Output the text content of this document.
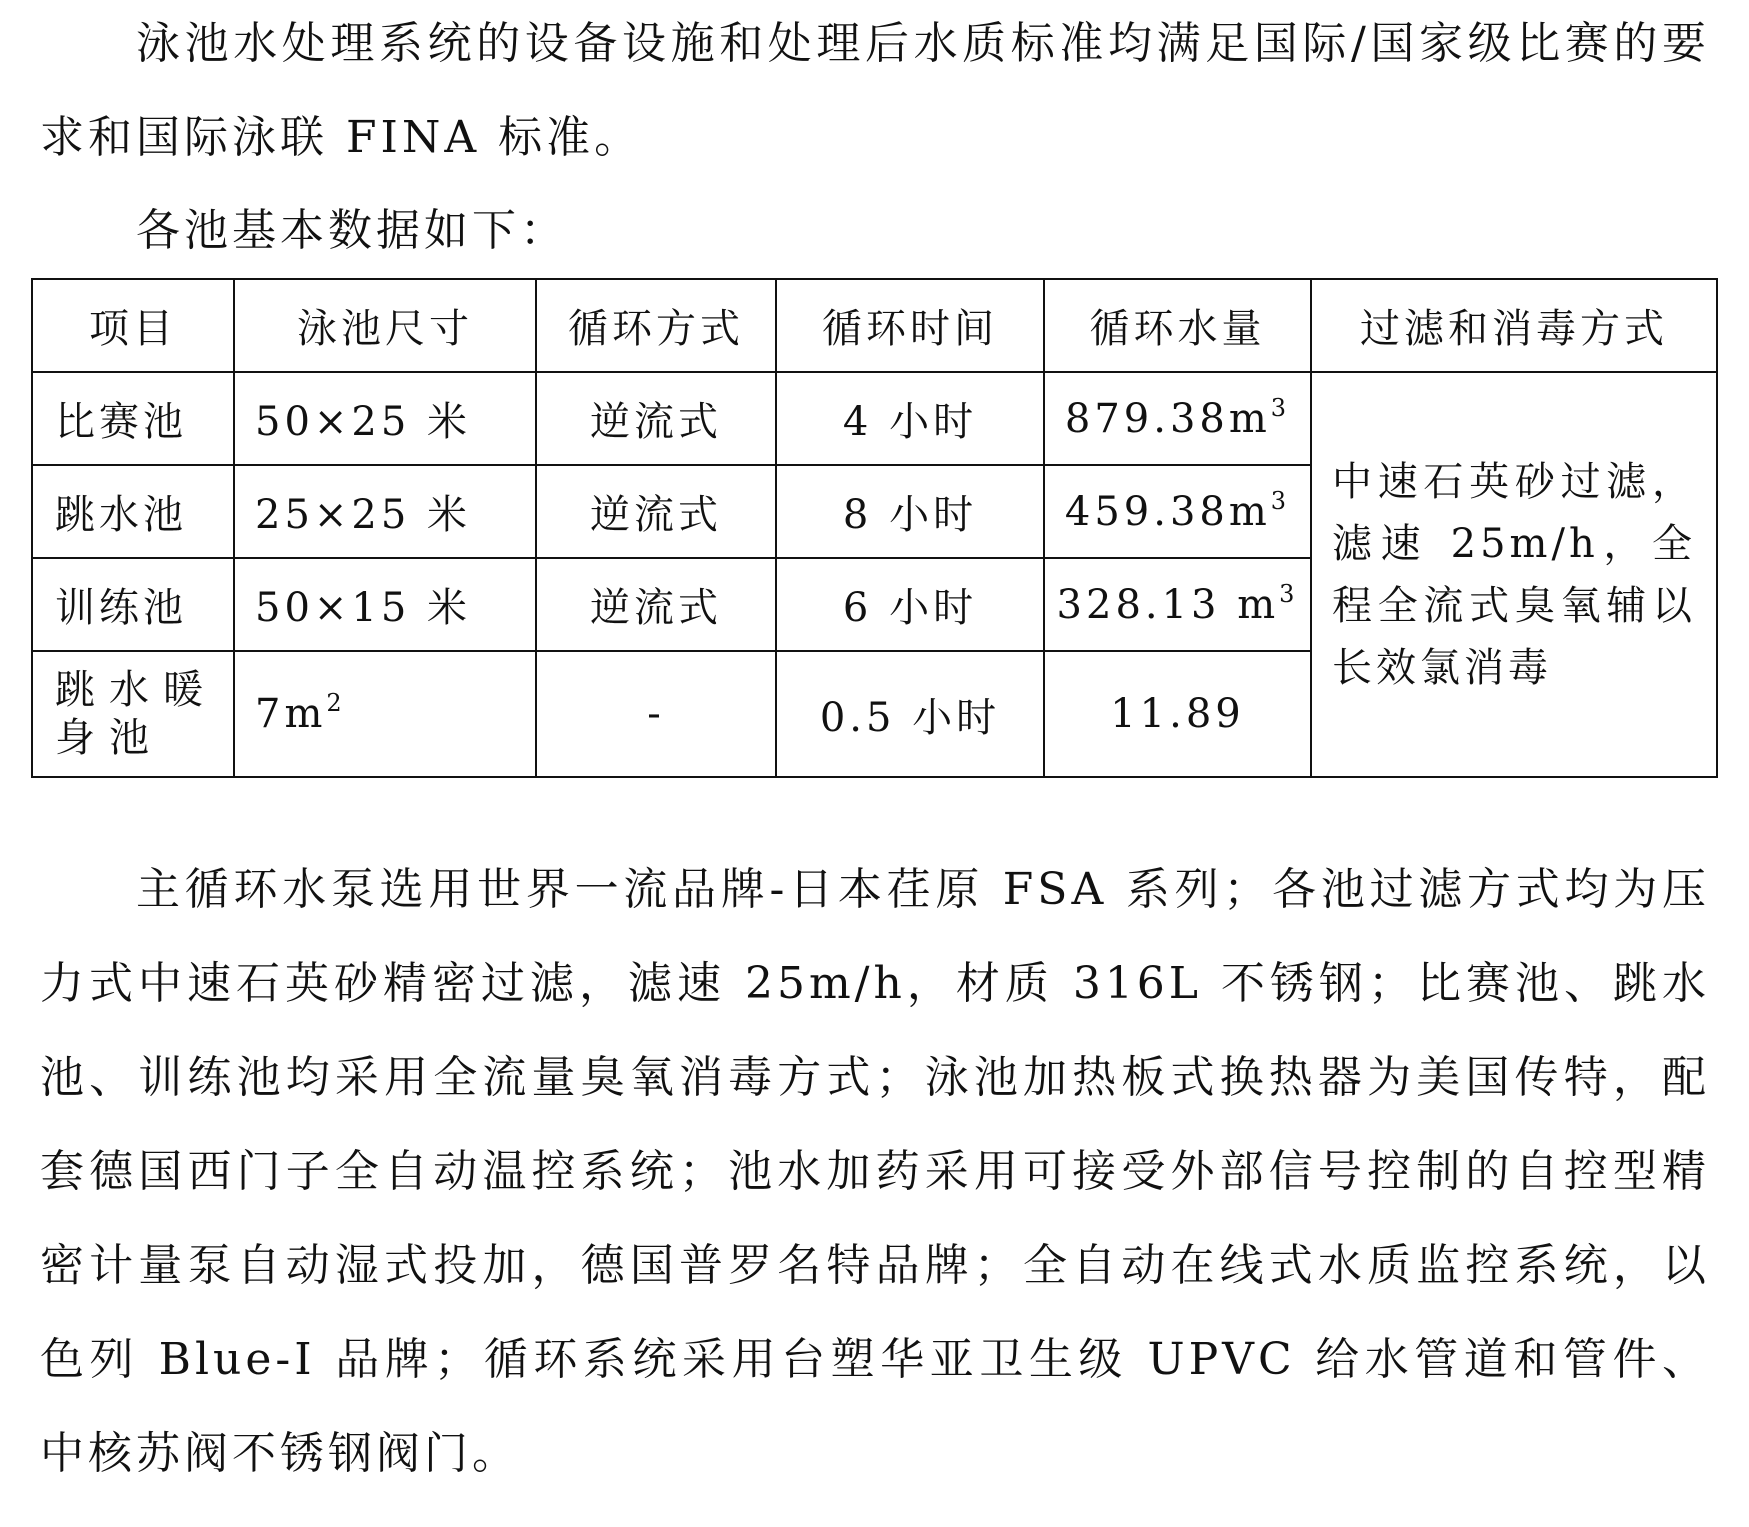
泳池水处理系统的设备设施和处理后水质标准均满足国际/国家级比赛的要求和国际泳联 FINA 标准。

各池基本数据如下：

项目	泳池尺寸	循环方式	循环时间	循环水量	过滤和消毒方式
比赛池	50×25 米	逆流式	4 小时	$879.38m^3$	中速石英砂过滤，滤速 25m/h，全程全流式臭氧辅以长效氯消毒
跳水池	25×25 米	逆流式	8 小时	$459.38m^3$
训练池	50×15 米	逆流式	6 小时	328.13 $m^3$
跳水暖身池	$7m^2$	-	0.5 小时	11.89	

主循环水泵选用世界一流品牌-日本荏原 FSA 系列；各池过滤方式均为压力式中速石英砂精密过滤，滤速 25m/h，材质 316L 不锈钢；比赛池、跳水池、训练池均采用全流量臭氧消毒方式；泳池加热板式换热器为美国传特，配套德国西门子全自动温控系统；池水加药采用可接受外部信号控制的自控型精密计量泵自动湿式投加，德国普罗名特品牌；全自动在线式水质监控系统，以色列 Blue-I 品牌；循环系统采用台塑华亚卫生级 UPVC 给水管道和管件、中核苏阀不锈钢阀门。
